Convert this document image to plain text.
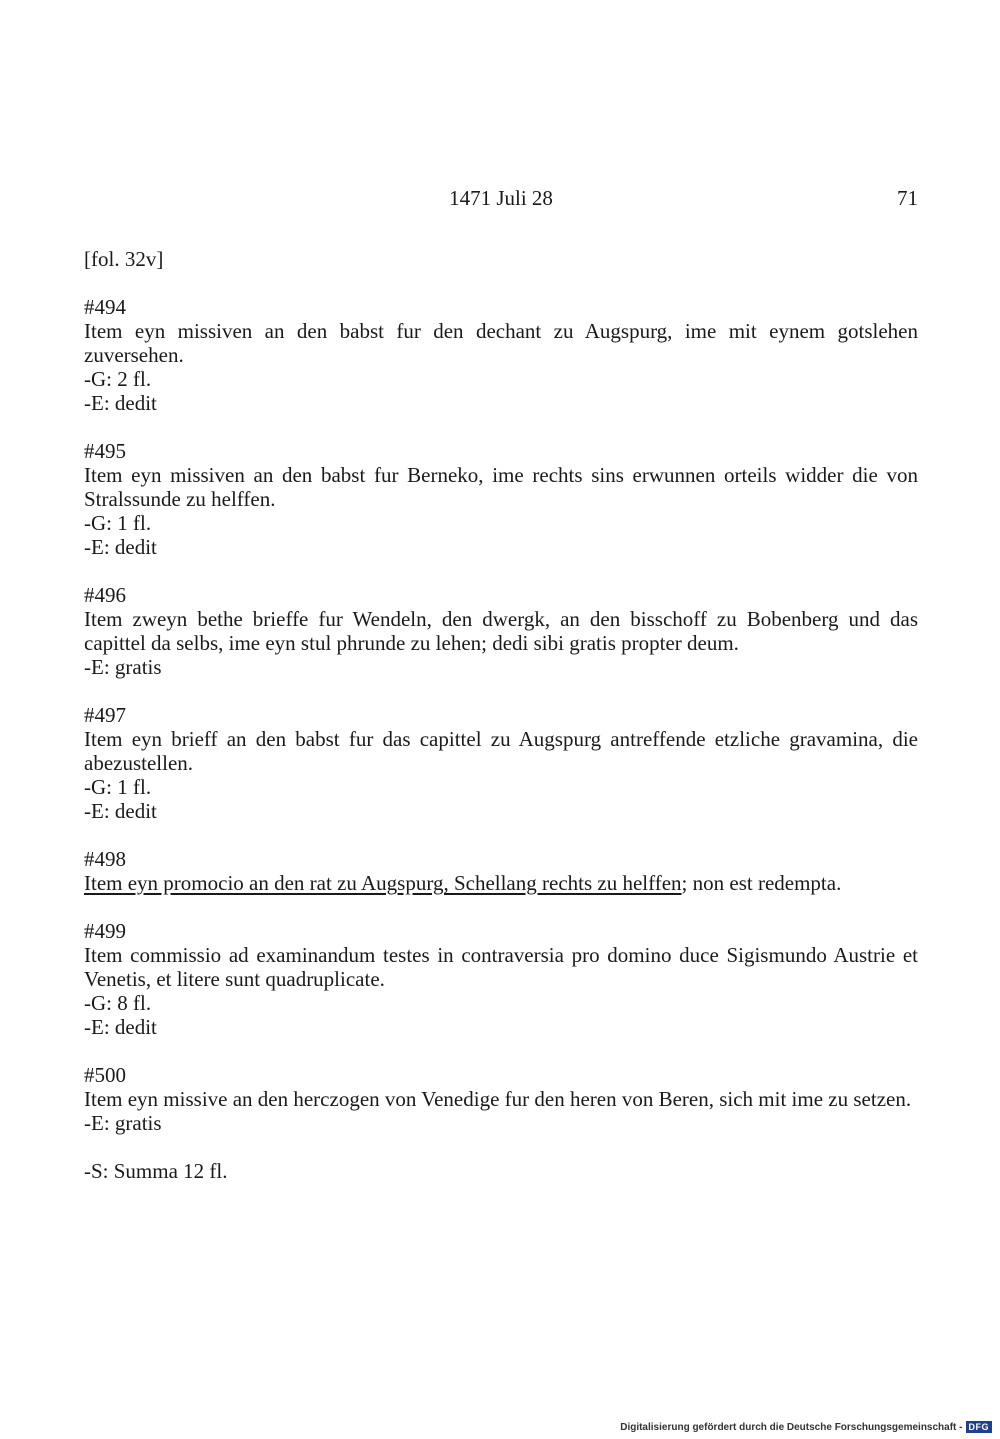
1471 Juli 28	71

[fol. 32v]

#494

Item eyn missiven an den babst fur den dechant zu Augspurg, ime mit eynem gotslehen zuversehen.

-G: 2 fl.

-E: dedit

#495

Item eyn missiven an den babst fur Berneko, ime rechts sins erwunnen orteils widder die von Stralssunde zu helffen.

-G: 1 fl.

-E: dedit

#496

Item zweyn bethe brieffe fur Wendeln, den dwergk, an den bisschoff zu Bobenberg und das capittel da selbs, ime eyn stul phrunde zu lehen; dedi sibi gratis propter deum.

-E: gratis

#497

Item eyn brieff an den babst fur das capittel zu Augspurg antreffende etzliche gravamina, die abezustellen.

-G: 1 fl.

-E: dedit

#498

Item eyn promocio an den rat zu Augspurg, Schellang rechts zu helffen; non est redempta.

#499

Item commissio ad examinandum testes in contraversia pro domino duce Sigismundo Austrie et Venetis, et litere sunt quadruplicate.

-G: 8 fl.

-E: dedit

#500

Item eyn missive an den herczogen von Venedige fur den heren von Beren, sich mit ime zu setzen.

-E: gratis

-S: Summa 12 fl.

Digitalisierung gefördert durch die Deutsche Forschungsgemeinschaft - DFG
